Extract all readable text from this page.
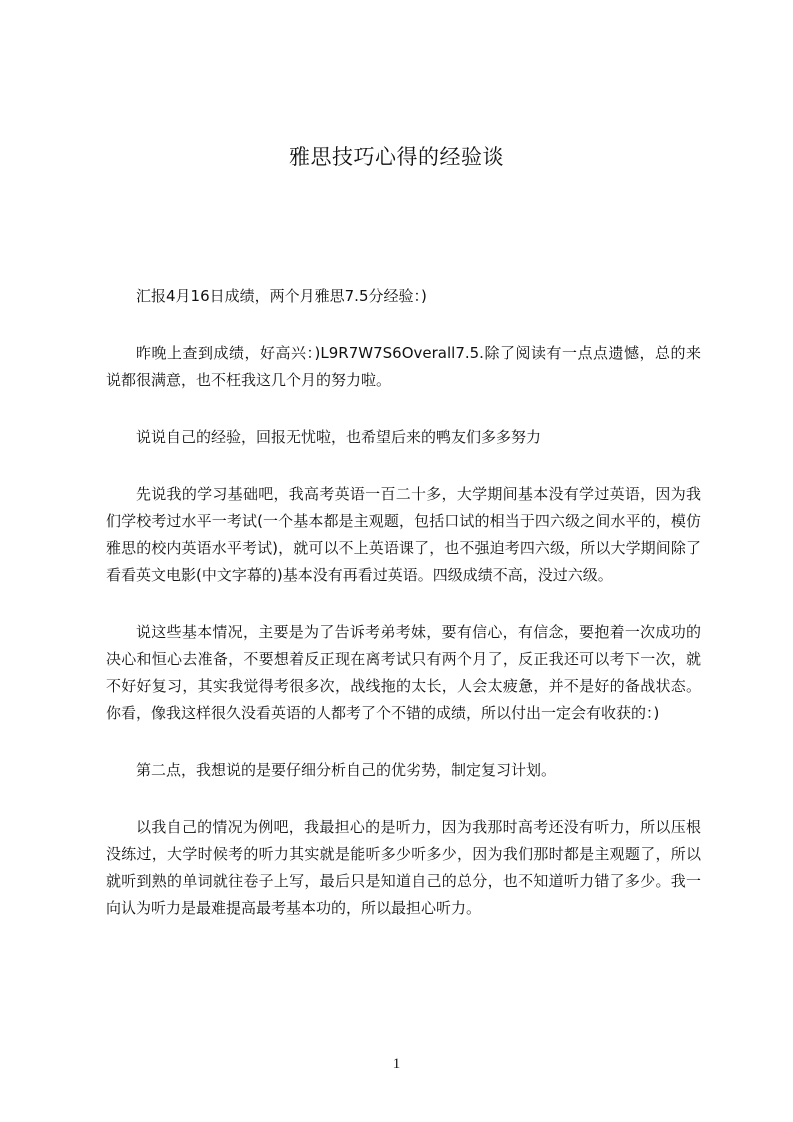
雅思技巧心得的经验谈

汇报4月16日成绩，两个月雅思7.5分经验：)

昨晚上查到成绩，好高兴：)L9R7W7S6Overall7.5.除了阅读有一点点遗憾，总的来说都很满意，也不枉我这几个月的努力啦。

说说自己的经验，回报无忧啦，也希望后来的鸭友们多多努力

先说我的学习基础吧，我高考英语一百二十多，大学期间基本没有学过英语，因为我们学校考过水平一考试(一个基本都是主观题，包括口试的相当于四六级之间水平的，模仿雅思的校内英语水平考试)，就可以不上英语课了，也不强迫考四六级，所以大学期间除了看看英文电影(中文字幕的)基本没有再看过英语。四级成绩不高，没过六级。

说这些基本情况，主要是为了告诉考弟考妹，要有信心，有信念，要抱着一次成功的决心和恒心去准备，不要想着反正现在离考试只有两个月了，反正我还可以考下一次，就不好好复习，其实我觉得考很多次，战线拖的太长，人会太疲惫，并不是好的备战状态。你看，像我这样很久没看英语的人都考了个不错的成绩，所以付出一定会有收获的：)

第二点，我想说的是要仔细分析自己的优劣势，制定复习计划。

以我自己的情况为例吧，我最担心的是听力，因为我那时高考还没有听力，所以压根没练过，大学时候考的听力其实就是能听多少听多少，因为我们那时都是主观题了，所以就听到熟的单词就往卷子上写，最后只是知道自己的总分，也不知道听力错了多少。我一向认为听力是最难提高最考基本功的，所以最担心听力。

1
